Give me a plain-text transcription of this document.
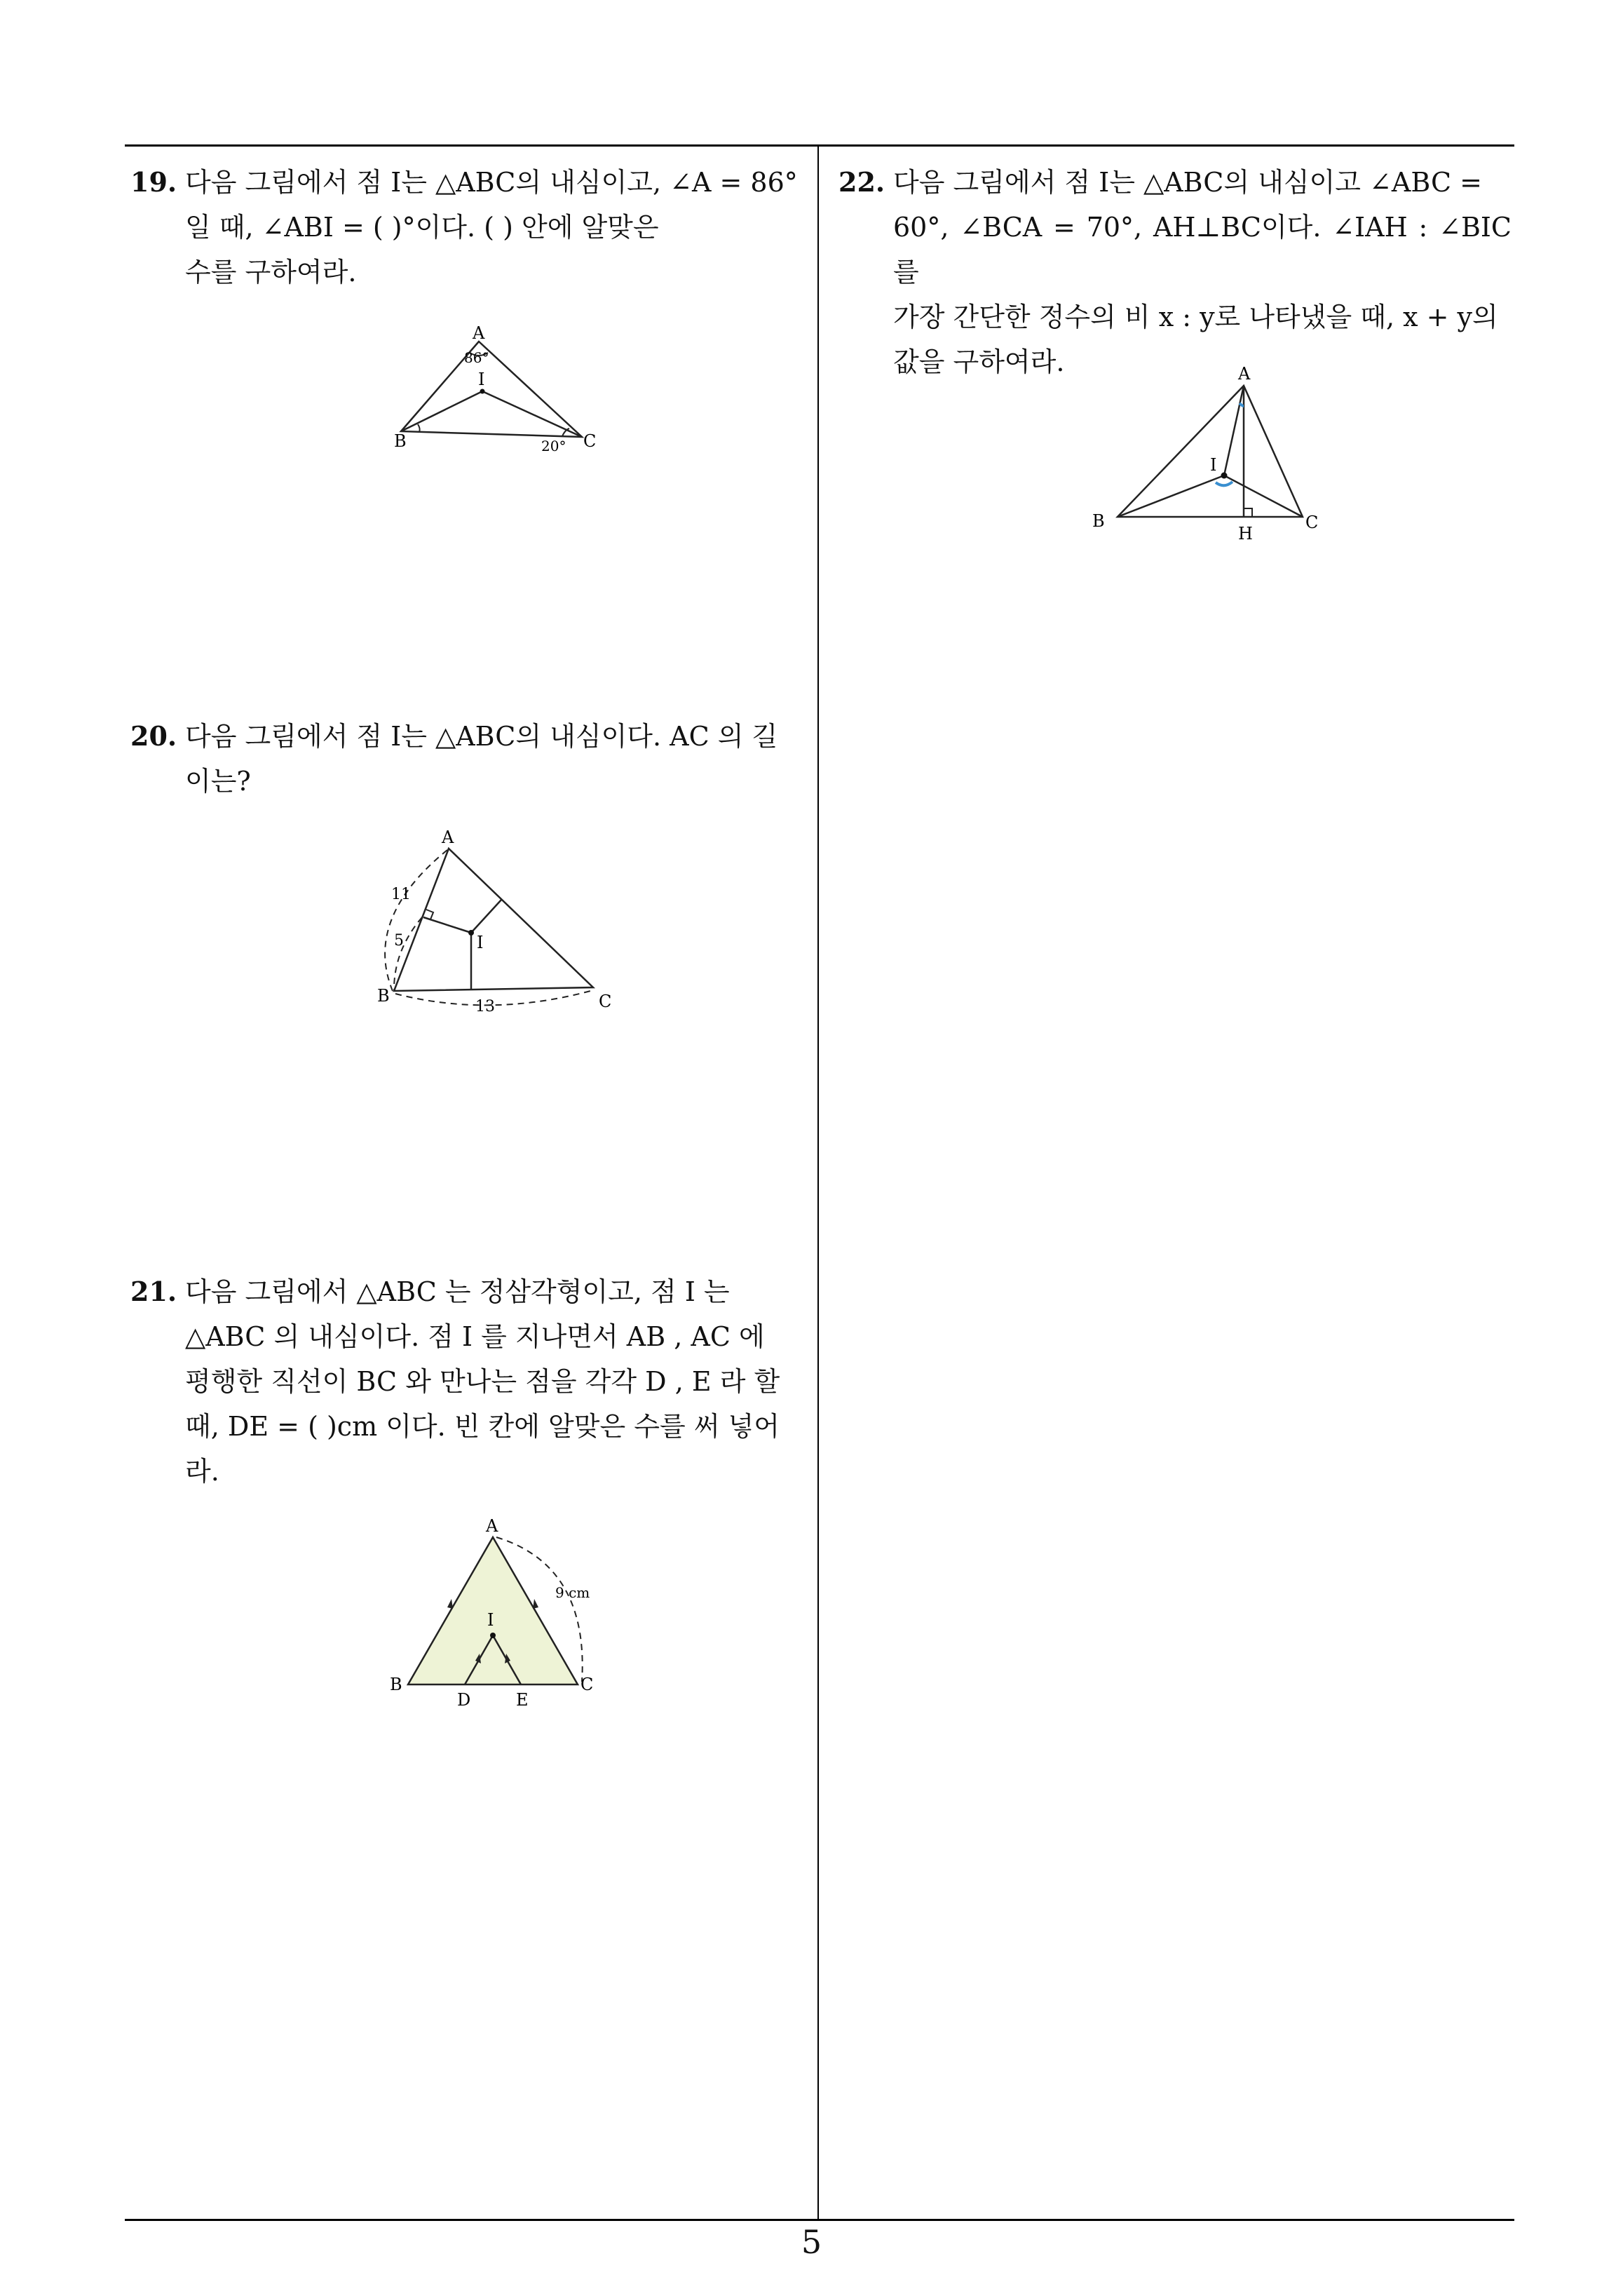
19. 다음 그림에서 점 I는 △ABC의 내심이고, ∠A = 86°
일 때, ∠ABI = ( )°이다. ( ) 안에 알맞은
수를 구하여라.
20. 다음 그림에서 점 I는 △ABC의 내심이다. AC 의 길
이는?
21. 다음 그림에서 △ABC 는 정삼각형이고, 점 I 는
△ABC 의 내심이다. 점 I 를 지나면서 AB , AC 에
평행한 직선이 BC 와 만나는 점을 각각 D , E 라 할
때, DE = ( )cm 이다. 빈 칸에 알맞은 수를 써 넣어
라.
22. 다음 그림에서 점 I는 △ABC의 내심이고 ∠ABC =
60°, ∠BCA = 70°, AH⊥BC이다. ∠IAH : ∠BIC를
가장 간단한 정수의 비 x : y로 나타냈을 때, x + y의
값을 구하여라.
A
86°
I
B	20° C
A
11
5	I
B
13	C
A
9 cm
I
B
D	E
C
A
I
B
H
C
5
